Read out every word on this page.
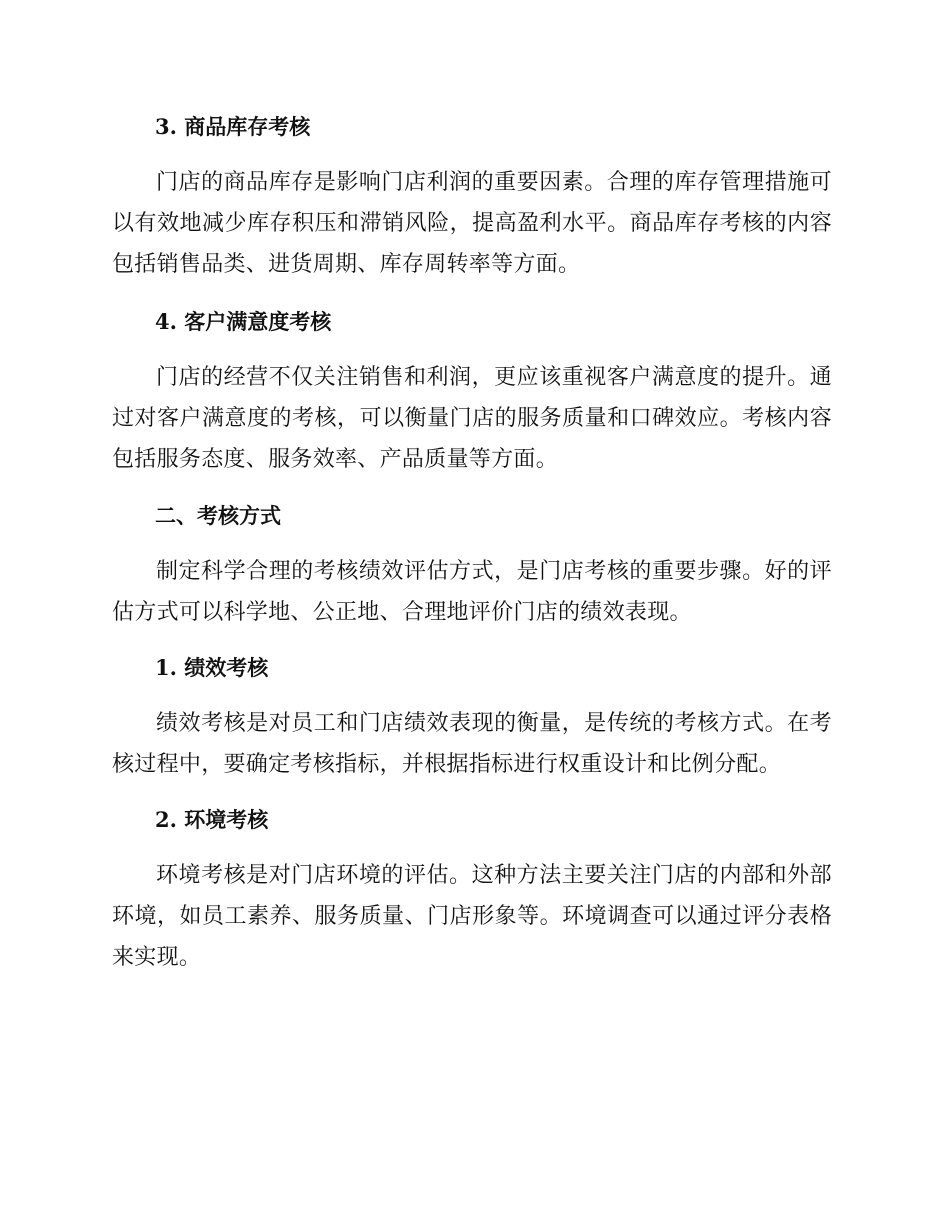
3. 商品库存考核
门店的商品库存是影响门店利润的重要因素。合理的库存管理措施可以有效地减少库存积压和滞销风险，提高盈利水平。商品库存考核的内容包括销售品类、进货周期、库存周转率等方面。
4. 客户满意度考核
门店的经营不仅关注销售和利润，更应该重视客户满意度的提升。通过对客户满意度的考核，可以衡量门店的服务质量和口碑效应。考核内容包括服务态度、服务效率、产品质量等方面。
二、考核方式
制定科学合理的考核绩效评估方式，是门店考核的重要步骤。好的评估方式可以科学地、公正地、合理地评价门店的绩效表现。
1. 绩效考核
绩效考核是对员工和门店绩效表现的衡量，是传统的考核方式。在考核过程中，要确定考核指标，并根据指标进行权重设计和比例分配。
2. 环境考核
环境考核是对门店环境的评估。这种方法主要关注门店的内部和外部环境，如员工素养、服务质量、门店形象等。环境调查可以通过评分表格来实现。
